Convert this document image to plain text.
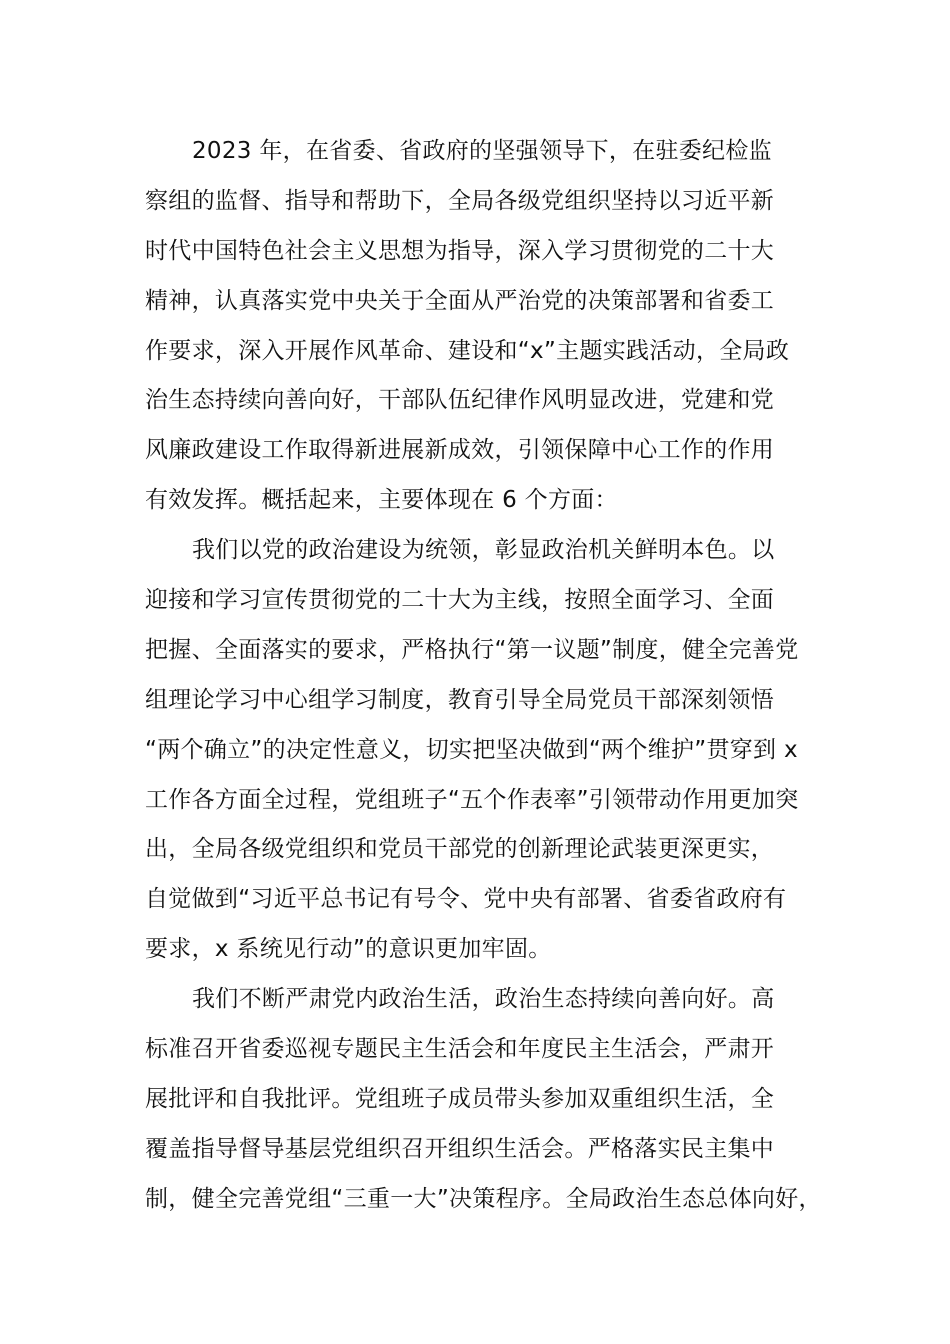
2023 年，在省委、省政府的坚强领导下，在驻委纪检监
察组的监督、指导和帮助下，全局各级党组织坚持以习近平新
时代中国特色社会主义思想为指导，深入学习贯彻党的二十大
精神，认真落实党中央关于全面从严治党的决策部署和省委工
作要求，深入开展作风革命、建设和“x”主题实践活动，全局政
治生态持续向善向好，干部队伍纪律作风明显改进，党建和党
风廉政建设工作取得新进展新成效，引领保障中心工作的作用
有效发挥。概括起来，主要体现在 6 个方面：
我们以党的政治建设为统领，彰显政治机关鲜明本色。以
迎接和学习宣传贯彻党的二十大为主线，按照全面学习、全面
把握、全面落实的要求，严格执行“第一议题”制度，健全完善党
组理论学习中心组学习制度，教育引导全局党员干部深刻领悟
“两个确立”的决定性意义，切实把坚决做到“两个维护”贯穿到 x
工作各方面全过程，党组班子“五个作表率”引领带动作用更加突
出，全局各级党组织和党员干部党的创新理论武装更深更实，
自觉做到“习近平总书记有号令、党中央有部署、省委省政府有
要求，x 系统见行动”的意识更加牢固。
我们不断严肃党内政治生活，政治生态持续向善向好。高
标准召开省委巡视专题民主生活会和年度民主生活会，严肃开
展批评和自我批评。党组班子成员带头参加双重组织生活，全
覆盖指导督导基层党组织召开组织生活会。严格落实民主集中
制，健全完善党组“三重一大”决策程序。全局政治生态总体向好，
